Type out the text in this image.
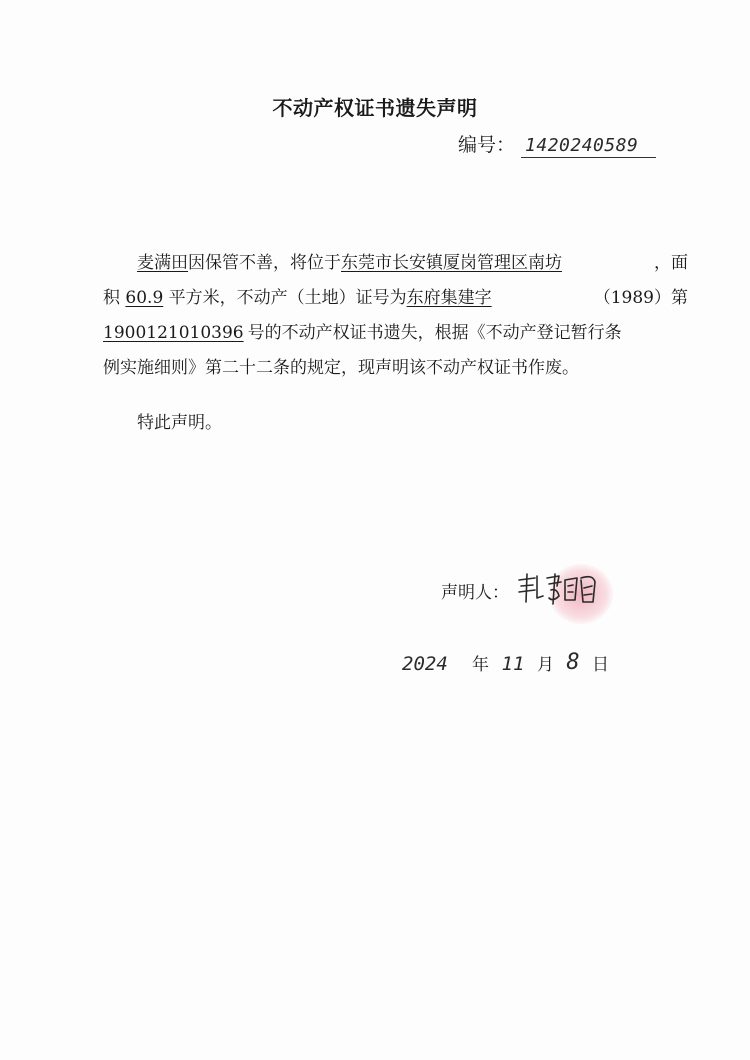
不动产权证书遗失声明
编号： 1420240589
麦满田因保管不善，将位于东莞市长安镇厦岗管理区南坊	，面
积 60.9 平方米，不动产（土地）证号为东府集建字	（1989）第
1900121010396 号的不动产权证书遗失，根据《不动产登记暂行条
例实施细则》第二十二条的规定，现声明该不动产权证书作废。
特此声明。
声明人：
2024	年 11 月 8 日
